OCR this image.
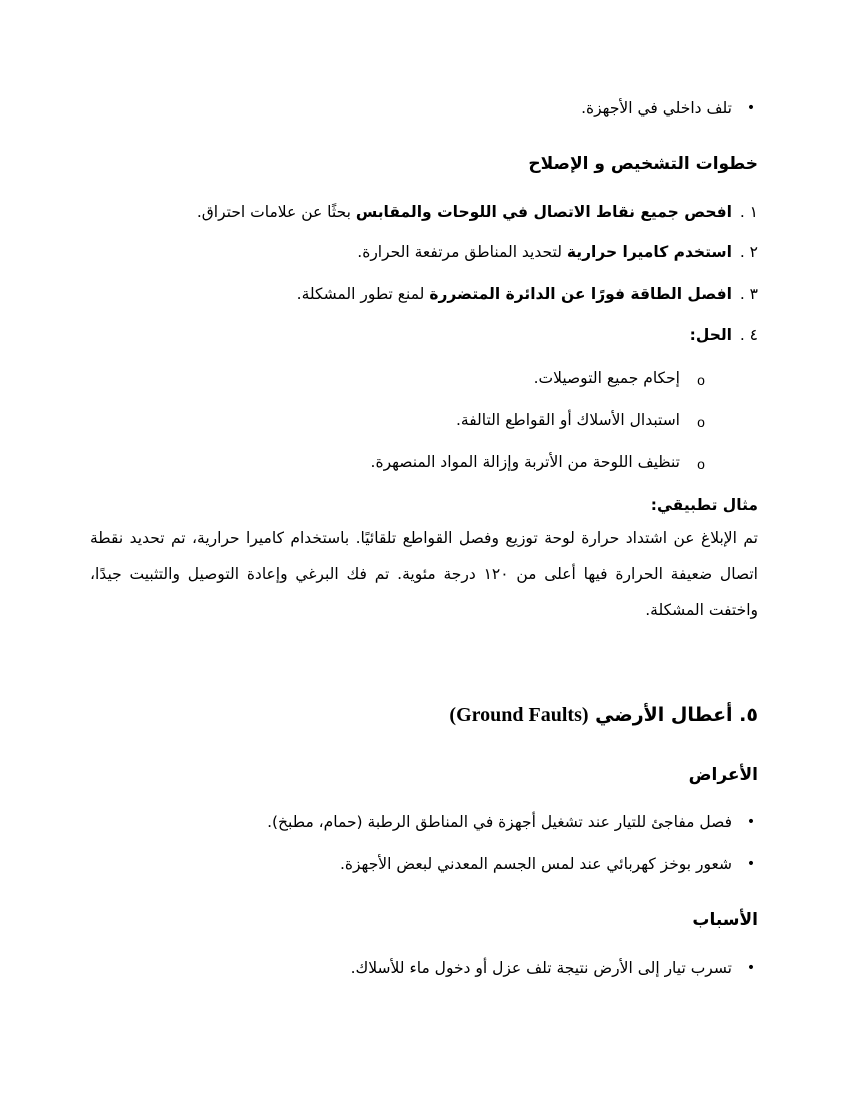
•
تلف داخلي في الأجهزة.
خطوات التشخيص و الإصلاح
١ .
افحص جميع نقاط الاتصال في اللوحات والمقابس بحثًا عن علامات احتراق.
٢ .
استخدم كاميرا حرارية لتحديد المناطق مرتفعة الحرارة.
٣ .
افصل الطاقة فورًا عن الدائرة المتضررة لمنع تطور المشكلة.
٤ .
الحل:
o
إحكام جميع التوصيلات.
o
استبدال الأسلاك أو القواطع التالفة.
o
تنظيف اللوحة من الأتربة وإزالة المواد المنصهرة.
مثال تطبيقي:
تم الإبلاغ عن اشتداد حرارة لوحة توزيع وفصل القواطع تلقائيًا. باستخدام كاميرا حرارية، تم تحديد نقطة اتصال ضعيفة الحرارة فيها أعلى من ١٢٠ درجة مئوية. تم فك البرغي وإعادة التوصيل والتثبيت جيدًا، واختفت المشكلة.
٥. أعطال الأرضي (Ground Faults)
الأعراض
•
فصل مفاجئ للتيار عند تشغيل أجهزة في المناطق الرطبة (حمام، مطبخ).
•
شعور بوخز كهربائي عند لمس الجسم المعدني لبعض الأجهزة.
الأسباب
•
تسرب تيار إلى الأرض نتيجة تلف عزل أو دخول ماء للأسلاك.
